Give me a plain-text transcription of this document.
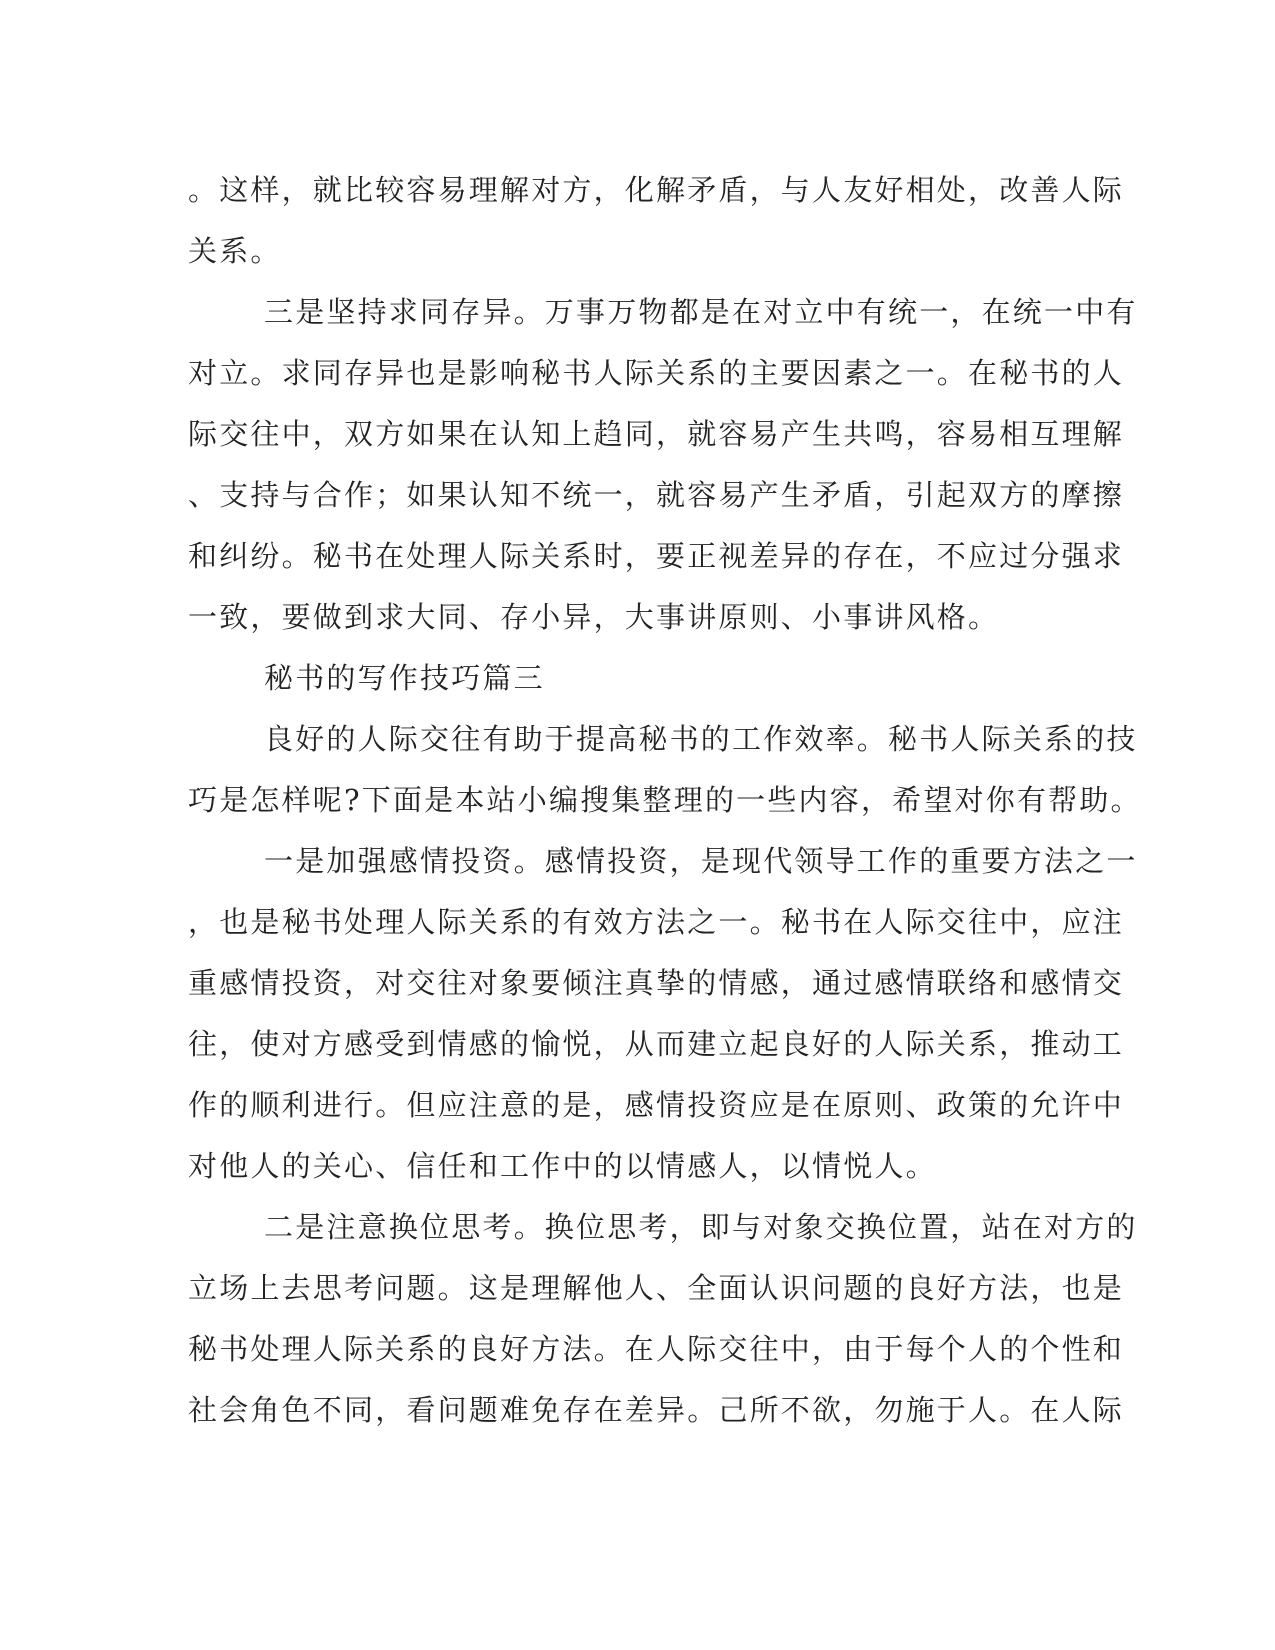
。这样，就比较容易理解对方，化解矛盾，与人友好相处，改善人际
关系。
三是坚持求同存异。万事万物都是在对立中有统一，在统一中有
对立。求同存异也是影响秘书人际关系的主要因素之一。在秘书的人
际交往中，双方如果在认知上趋同，就容易产生共鸣，容易相互理解
、支持与合作；如果认知不统一，就容易产生矛盾，引起双方的摩擦
和纠纷。秘书在处理人际关系时，要正视差异的存在，不应过分强求
一致，要做到求大同、存小异，大事讲原则、小事讲风格。
秘书的写作技巧篇三
良好的人际交往有助于提高秘书的工作效率。秘书人际关系的技
巧是怎样呢?下面是本站小编搜集整理的一些内容，希望对你有帮助。
一是加强感情投资。感情投资，是现代领导工作的重要方法之一
，也是秘书处理人际关系的有效方法之一。秘书在人际交往中，应注
重感情投资，对交往对象要倾注真挚的情感，通过感情联络和感情交
往，使对方感受到情感的愉悦，从而建立起良好的人际关系，推动工
作的顺利进行。但应注意的是，感情投资应是在原则、政策的允许中
对他人的关心、信任和工作中的以情感人，以情悦人。
二是注意换位思考。换位思考，即与对象交换位置，站在对方的
立场上去思考问题。这是理解他人、全面认识问题的良好方法，也是
秘书处理人际关系的良好方法。在人际交往中，由于每个人的个性和
社会角色不同，看问题难免存在差异。己所不欲，勿施于人。在人际
